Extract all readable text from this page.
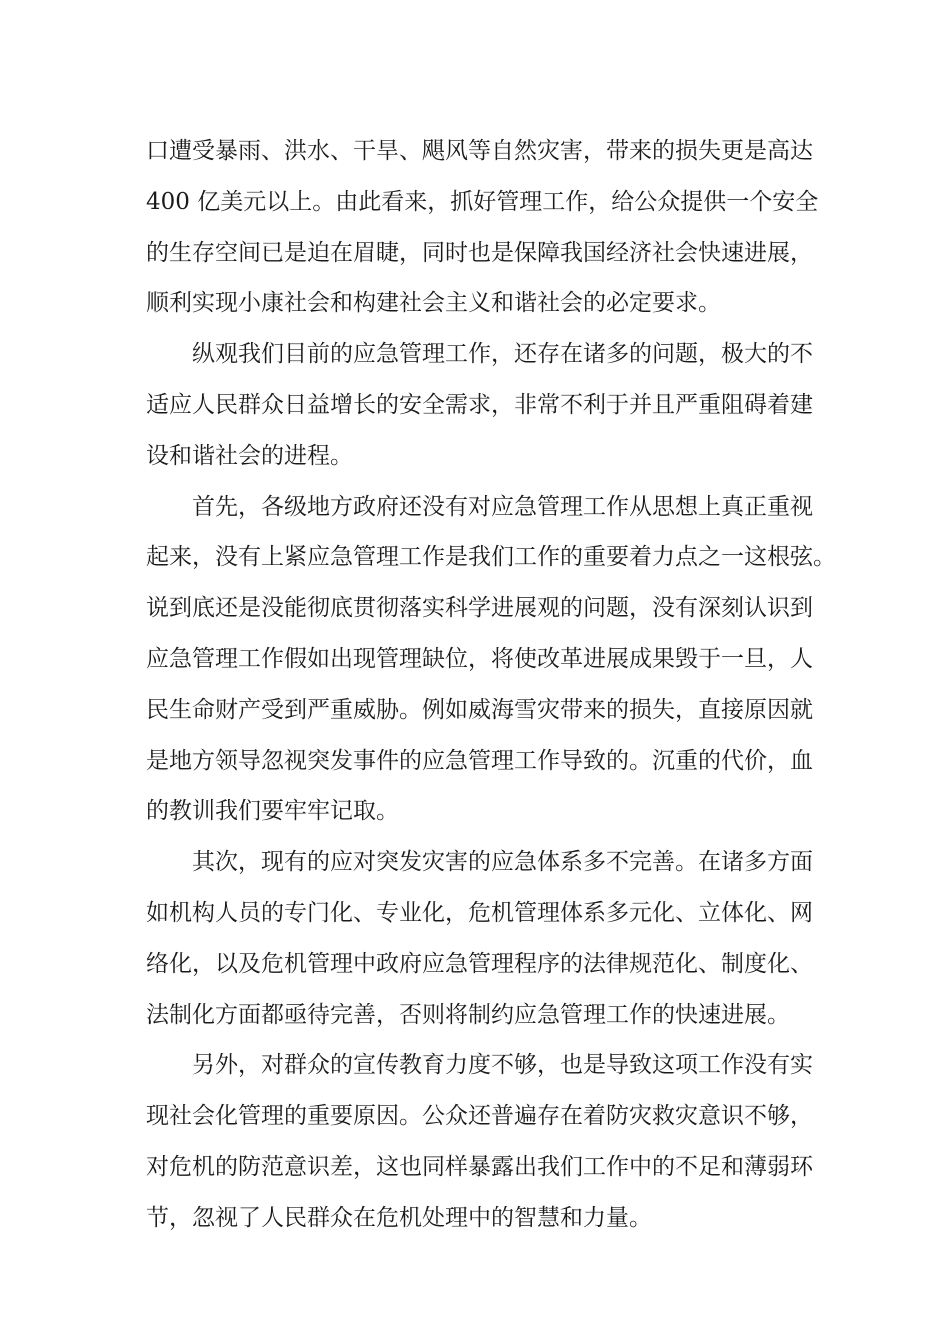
口遭受暴雨、洪水、干旱、飓风等自然灾害，带来的损失更是高达
400 亿美元以上。由此看来，抓好管理工作，给公众提供一个安全
的生存空间已是迫在眉睫，同时也是保障我国经济社会快速进展，
顺利实现小康社会和构建社会主义和谐社会的必定要求。
纵观我们目前的应急管理工作，还存在诸多的问题，极大的不
适应人民群众日益增长的安全需求，非常不利于并且严重阻碍着建
设和谐社会的进程。
首先，各级地方政府还没有对应急管理工作从思想上真正重视
起来，没有上紧应急管理工作是我们工作的重要着力点之一这根弦。
说到底还是没能彻底贯彻落实科学进展观的问题，没有深刻认识到
应急管理工作假如出现管理缺位，将使改革进展成果毁于一旦，人
民生命财产受到严重威胁。例如威海雪灾带来的损失，直接原因就
是地方领导忽视突发事件的应急管理工作导致的。沉重的代价，血
的教训我们要牢牢记取。
其次，现有的应对突发灾害的应急体系多不完善。在诸多方面
如机构人员的专门化、专业化，危机管理体系多元化、立体化、网
络化，以及危机管理中政府应急管理程序的法律规范化、制度化、
法制化方面都亟待完善，否则将制约应急管理工作的快速进展。
另外，对群众的宣传教育力度不够，也是导致这项工作没有实
现社会化管理的重要原因。公众还普遍存在着防灾救灾意识不够，
对危机的防范意识差，这也同样暴露出我们工作中的不足和薄弱环
节，忽视了人民群众在危机处理中的智慧和力量。
